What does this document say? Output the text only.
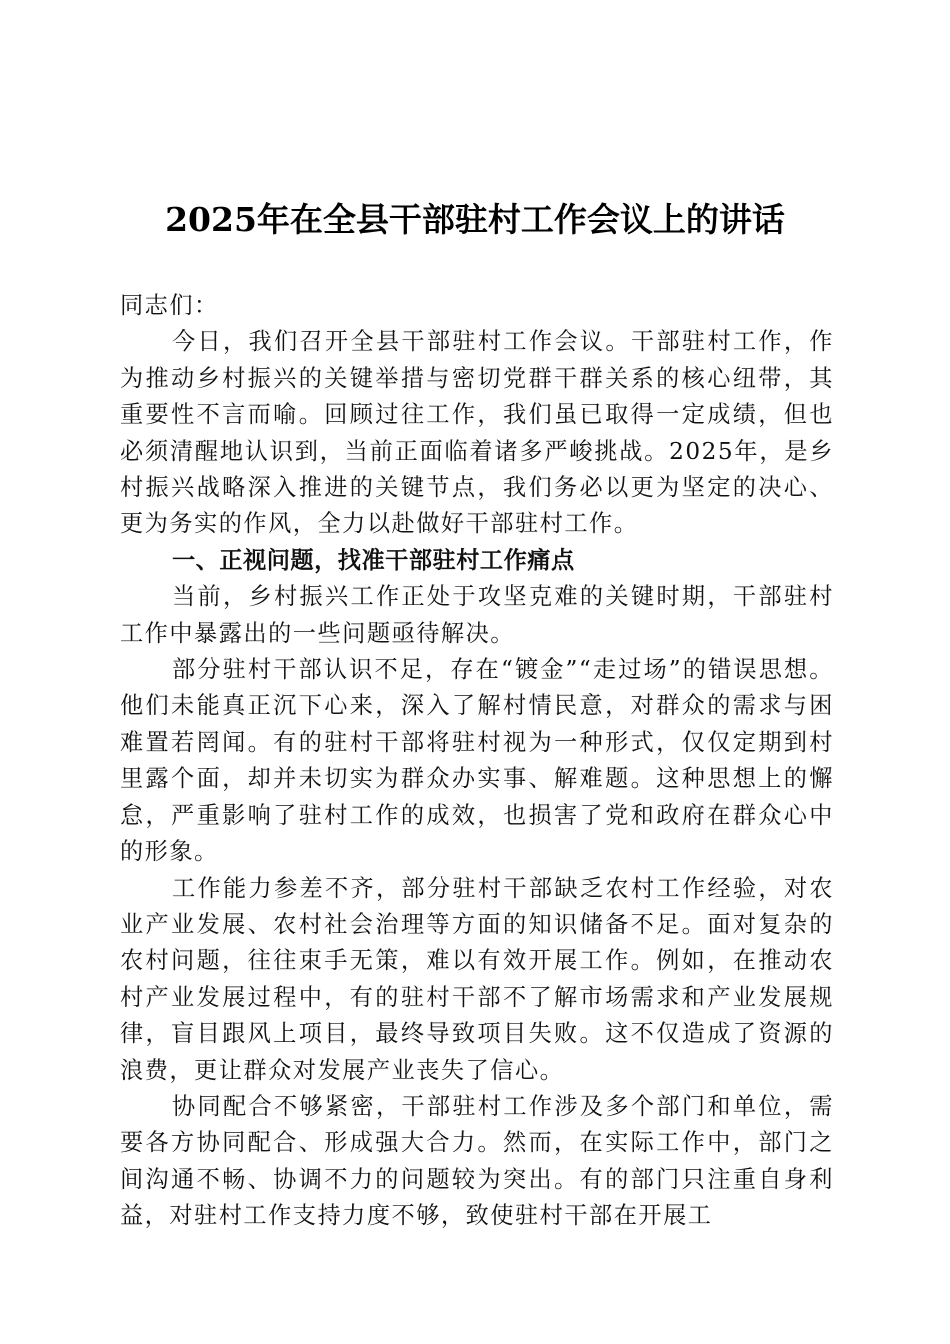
2025年在全县干部驻村工作会议上的讲话

同志们：

今日，我们召开全县干部驻村工作会议。干部驻村工作，作为推动乡村振兴的关键举措与密切党群干群关系的核心纽带，其重要性不言而喻。回顾过往工作，我们虽已取得一定成绩，但也必须清醒地认识到，当前正面临着诸多严峻挑战。2025年，是乡村振兴战略深入推进的关键节点，我们务必以更为坚定的决心、更为务实的作风，全力以赴做好干部驻村工作。

一、正视问题，找准干部驻村工作痛点

当前，乡村振兴工作正处于攻坚克难的关键时期，干部驻村工作中暴露出的一些问题亟待解决。

部分驻村干部认识不足，存在“镀金”“走过场”的错误思想。他们未能真正沉下心来，深入了解村情民意，对群众的需求与困难置若罔闻。有的驻村干部将驻村视为一种形式，仅仅定期到村里露个面，却并未切实为群众办实事、解难题。这种思想上的懈怠，严重影响了驻村工作的成效，也损害了党和政府在群众心中的形象。

工作能力参差不齐，部分驻村干部缺乏农村工作经验，对农业产业发展、农村社会治理等方面的知识储备不足。面对复杂的农村问题，往往束手无策，难以有效开展工作。例如，在推动农村产业发展过程中，有的驻村干部不了解市场需求和产业发展规律，盲目跟风上项目，最终导致项目失败。这不仅造成了资源的浪费，更让群众对发展产业丧失了信心。

协同配合不够紧密，干部驻村工作涉及多个部门和单位，需要各方协同配合、形成强大合力。然而，在实际工作中，部门之间沟通不畅、协调不力的问题较为突出。有的部门只注重自身利益，对驻村工作支持力度不够，致使驻村干部在开展工
